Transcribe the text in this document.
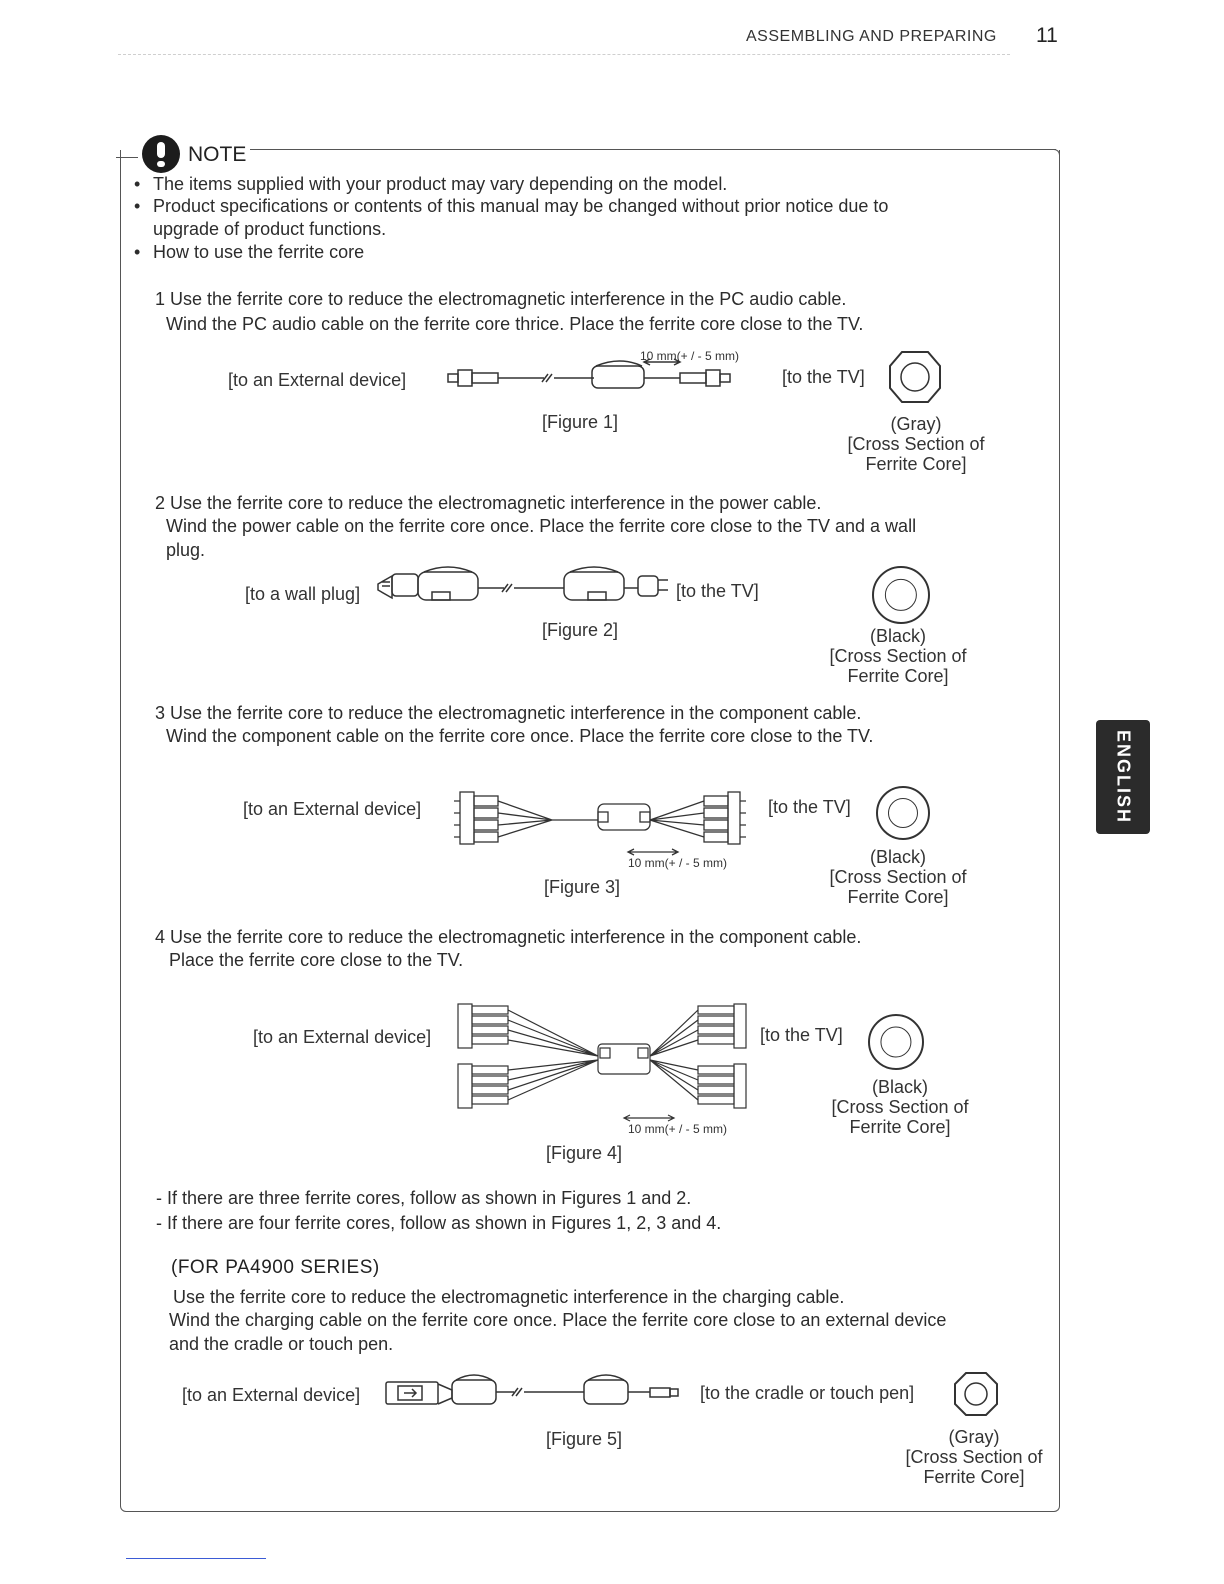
ASSEMBLING AND PREPARING 11
ENGLISH
NOTE
• The items supplied with your product may vary depending on the model.
• Product specifications or contents of this manual may be changed without prior notice due to
upgrade of product functions.
• How to use the ferrite core
1 Use the ferrite core to reduce the electromagnetic interference in the PC audio cable.
Wind the PC audio cable on the ferrite core thrice. Place the ferrite core close to the TV.
[to an External device]
10 mm(+ / - 5 mm)
[to the TV]
[Figure 1]	(Gray)
[Cross Section of
Ferrite Core]
2 Use the ferrite core to reduce the electromagnetic interference in the power cable.
Wind the power cable on the ferrite core once. Place the ferrite core close to the TV and a wall
plug.
[to a wall plug]	[to the TV]
[Figure 2]	(Black)
[Cross Section of
Ferrite Core]
3 Use the ferrite core to reduce the electromagnetic interference in the component cable.
Wind the component cable on the ferrite core once. Place the ferrite core close to the TV.
[to an External device]
10 mm(+ / - 5 mm)
[to the TV]
[Figure 3]
(Black)
[Cross Section of
Ferrite Core]
4 Use the ferrite core to reduce the electromagnetic interference in the component cable.
Place the ferrite core close to the TV.
[to an External device]
10 mm(+ / - 5 mm)
[to the TV]
[Figure 4]
(Black)
[Cross Section of
Ferrite Core]
- If there are three ferrite cores, follow as shown in Figures 1 and 2.
- If there are four ferrite cores, follow as shown in Figures 1, 2, 3 and 4.
(FOR PA4900 SERIES)
Use the ferrite core to reduce the electromagnetic interference in the charging cable.
Wind the charging cable on the ferrite core once. Place the ferrite core close to an external device
and the cradle or touch pen.
[to an External device]	[to the cradle or touch pen]
[Figure 5]	(Gray)
[Cross Section of
Ferrite Core]
